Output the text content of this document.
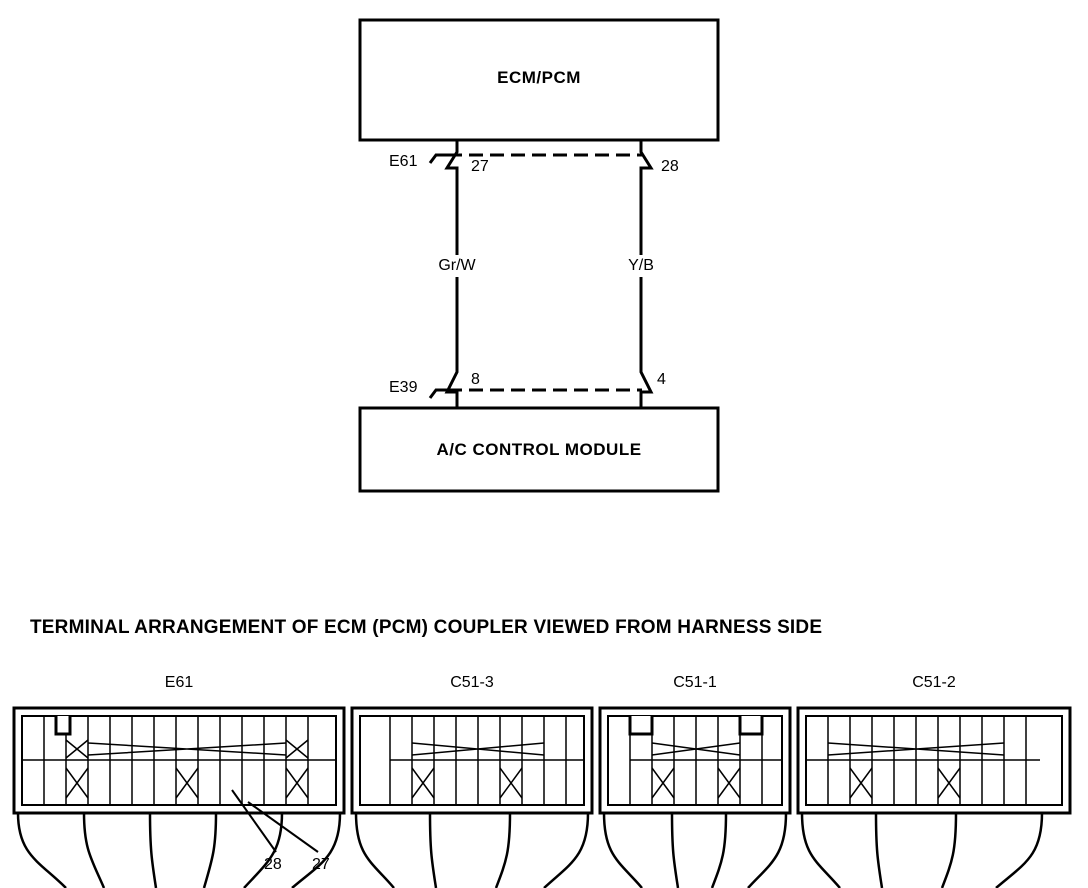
ECM/PCM
A/C CONTROL MODULE
E61
E39
27	28
8	4
Gr/W	Y/B
TERMINAL ARRANGEMENT OF ECM (PCM) COUPLER VIEWED FROM HARNESS SIDE
E61	C51-3	C51-1	C51-2
28 27
